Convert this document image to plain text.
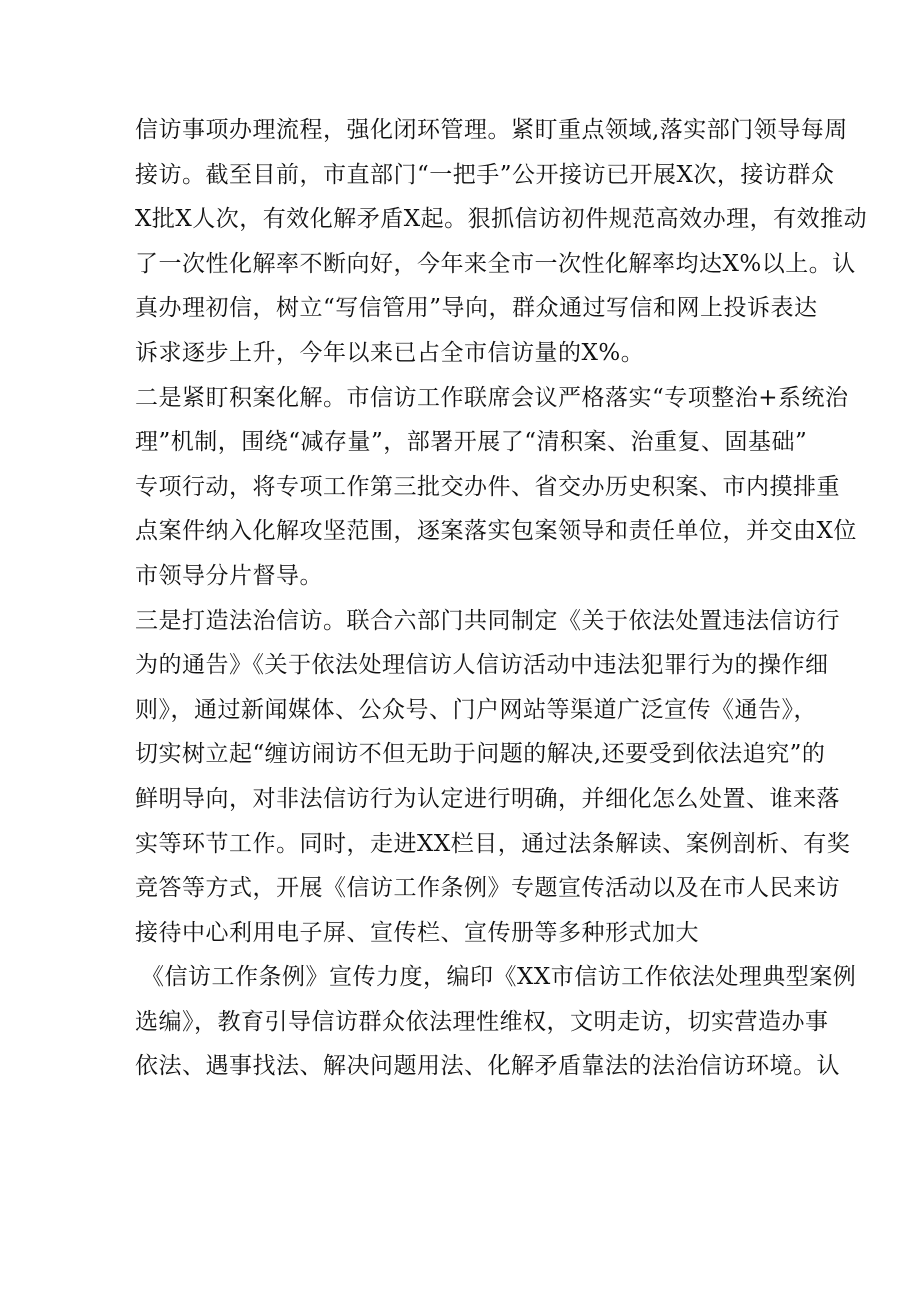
信访事项办理流程，强化闭环管理。紧盯重点领域,落实部门领导每周
接访。截至目前，市直部门“一把手”公开接访已开展X次，接访群众
X批X人次，有效化解矛盾X起。狠抓信访初件规范高效办理，有效推动
了一次性化解率不断向好，今年来全市一次性化解率均达X%以上。认
真办理初信，树立“写信管用”导向，群众通过写信和网上投诉表达
诉求逐步上升，今年以来已占全市信访量的X%。
二是紧盯积案化解。市信访工作联席会议严格落实“专项整治+系统治
理”机制，围绕“减存量”，部署开展了“清积案、治重复、固基础”
专项行动，将专项工作第三批交办件、省交办历史积案、市内摸排重
点案件纳入化解攻坚范围，逐案落实包案领导和责任单位，并交由X位
市领导分片督导。
三是打造法治信访。联合六部门共同制定《关于依法处置违法信访行
为的通告》《关于依法处理信访人信访活动中违法犯罪行为的操作细
则》，通过新闻媒体、公众号、门户网站等渠道广泛宣传《通告》，
切实树立起“缠访闹访不但无助于问题的解决,还要受到依法追究”的
鲜明导向，对非法信访行为认定进行明确，并细化怎么处置、谁来落
实等环节工作。同时，走进XX栏目，通过法条解读、案例剖析、有奖
竞答等方式，开展《信访工作条例》专题宣传活动以及在市人民来访
接待中心利用电子屏、宣传栏、宣传册等多种形式加大
《信访工作条例》宣传力度，编印《XX市信访工作依法处理典型案例
选编》，教育引导信访群众依法理性维权，文明走访，切实营造办事
依法、遇事找法、解决问题用法、化解矛盾靠法的法治信访环境。认
